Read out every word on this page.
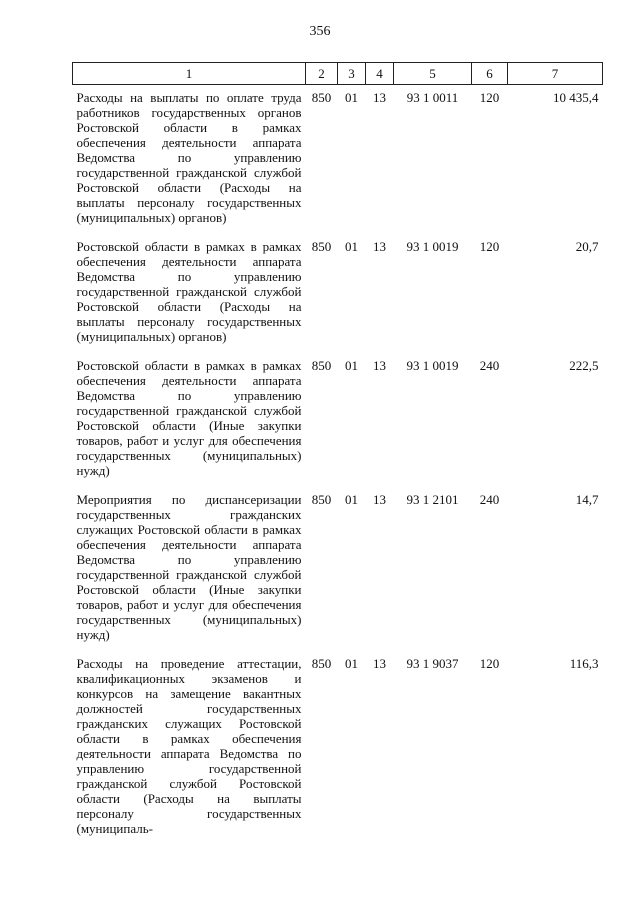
356
1	2	3	4	5	6	7
Расходы на выплаты по оплате труда работников государственных органов Ростовской области в рамках обеспечения деятельности аппарата Ведомства по управлению государственной гражданской службой Ростовской области (Расходы на выплаты персоналу государственных (муниципальных) органов)	850	01	13	93 1 0011	120	10 435,4
Ростовской области в рамках в рамках обеспечения деятельности аппарата Ведомства по управлению государственной гражданской службой Ростовской области (Расходы на выплаты персоналу государственных (муниципальных) органов)	850	01	13	93 1 0019	120	20,7
Ростовской области в рамках в рамках обеспечения деятельности аппарата Ведомства по управлению государственной гражданской службой Ростовской области (Иные закупки товаров, работ и услуг для обеспечения государственных (муниципальных) нужд)	850	01	13	93 1 0019	240	222,5
Мероприятия по диспансеризации государственных гражданских служащих Ростовской области в рамках обеспечения деятельности аппарата Ведомства по управлению государственной гражданской службой Ростовской области (Иные закупки товаров, работ и услуг для обеспечения государственных (муниципальных) нужд)	850	01	13	93 1 2101	240	14,7
Расходы на проведение аттестации, квалификационных экзаменов и конкурсов на замещение вакантных должностей государственных гражданских служащих Ростовской области в рамках обеспечения деятельности аппарата Ведомства по управлению государственной гражданской службой Ростовской области (Расходы на выплаты персоналу государственных (муниципаль-	850	01	13	93 1 9037	120	116,3
